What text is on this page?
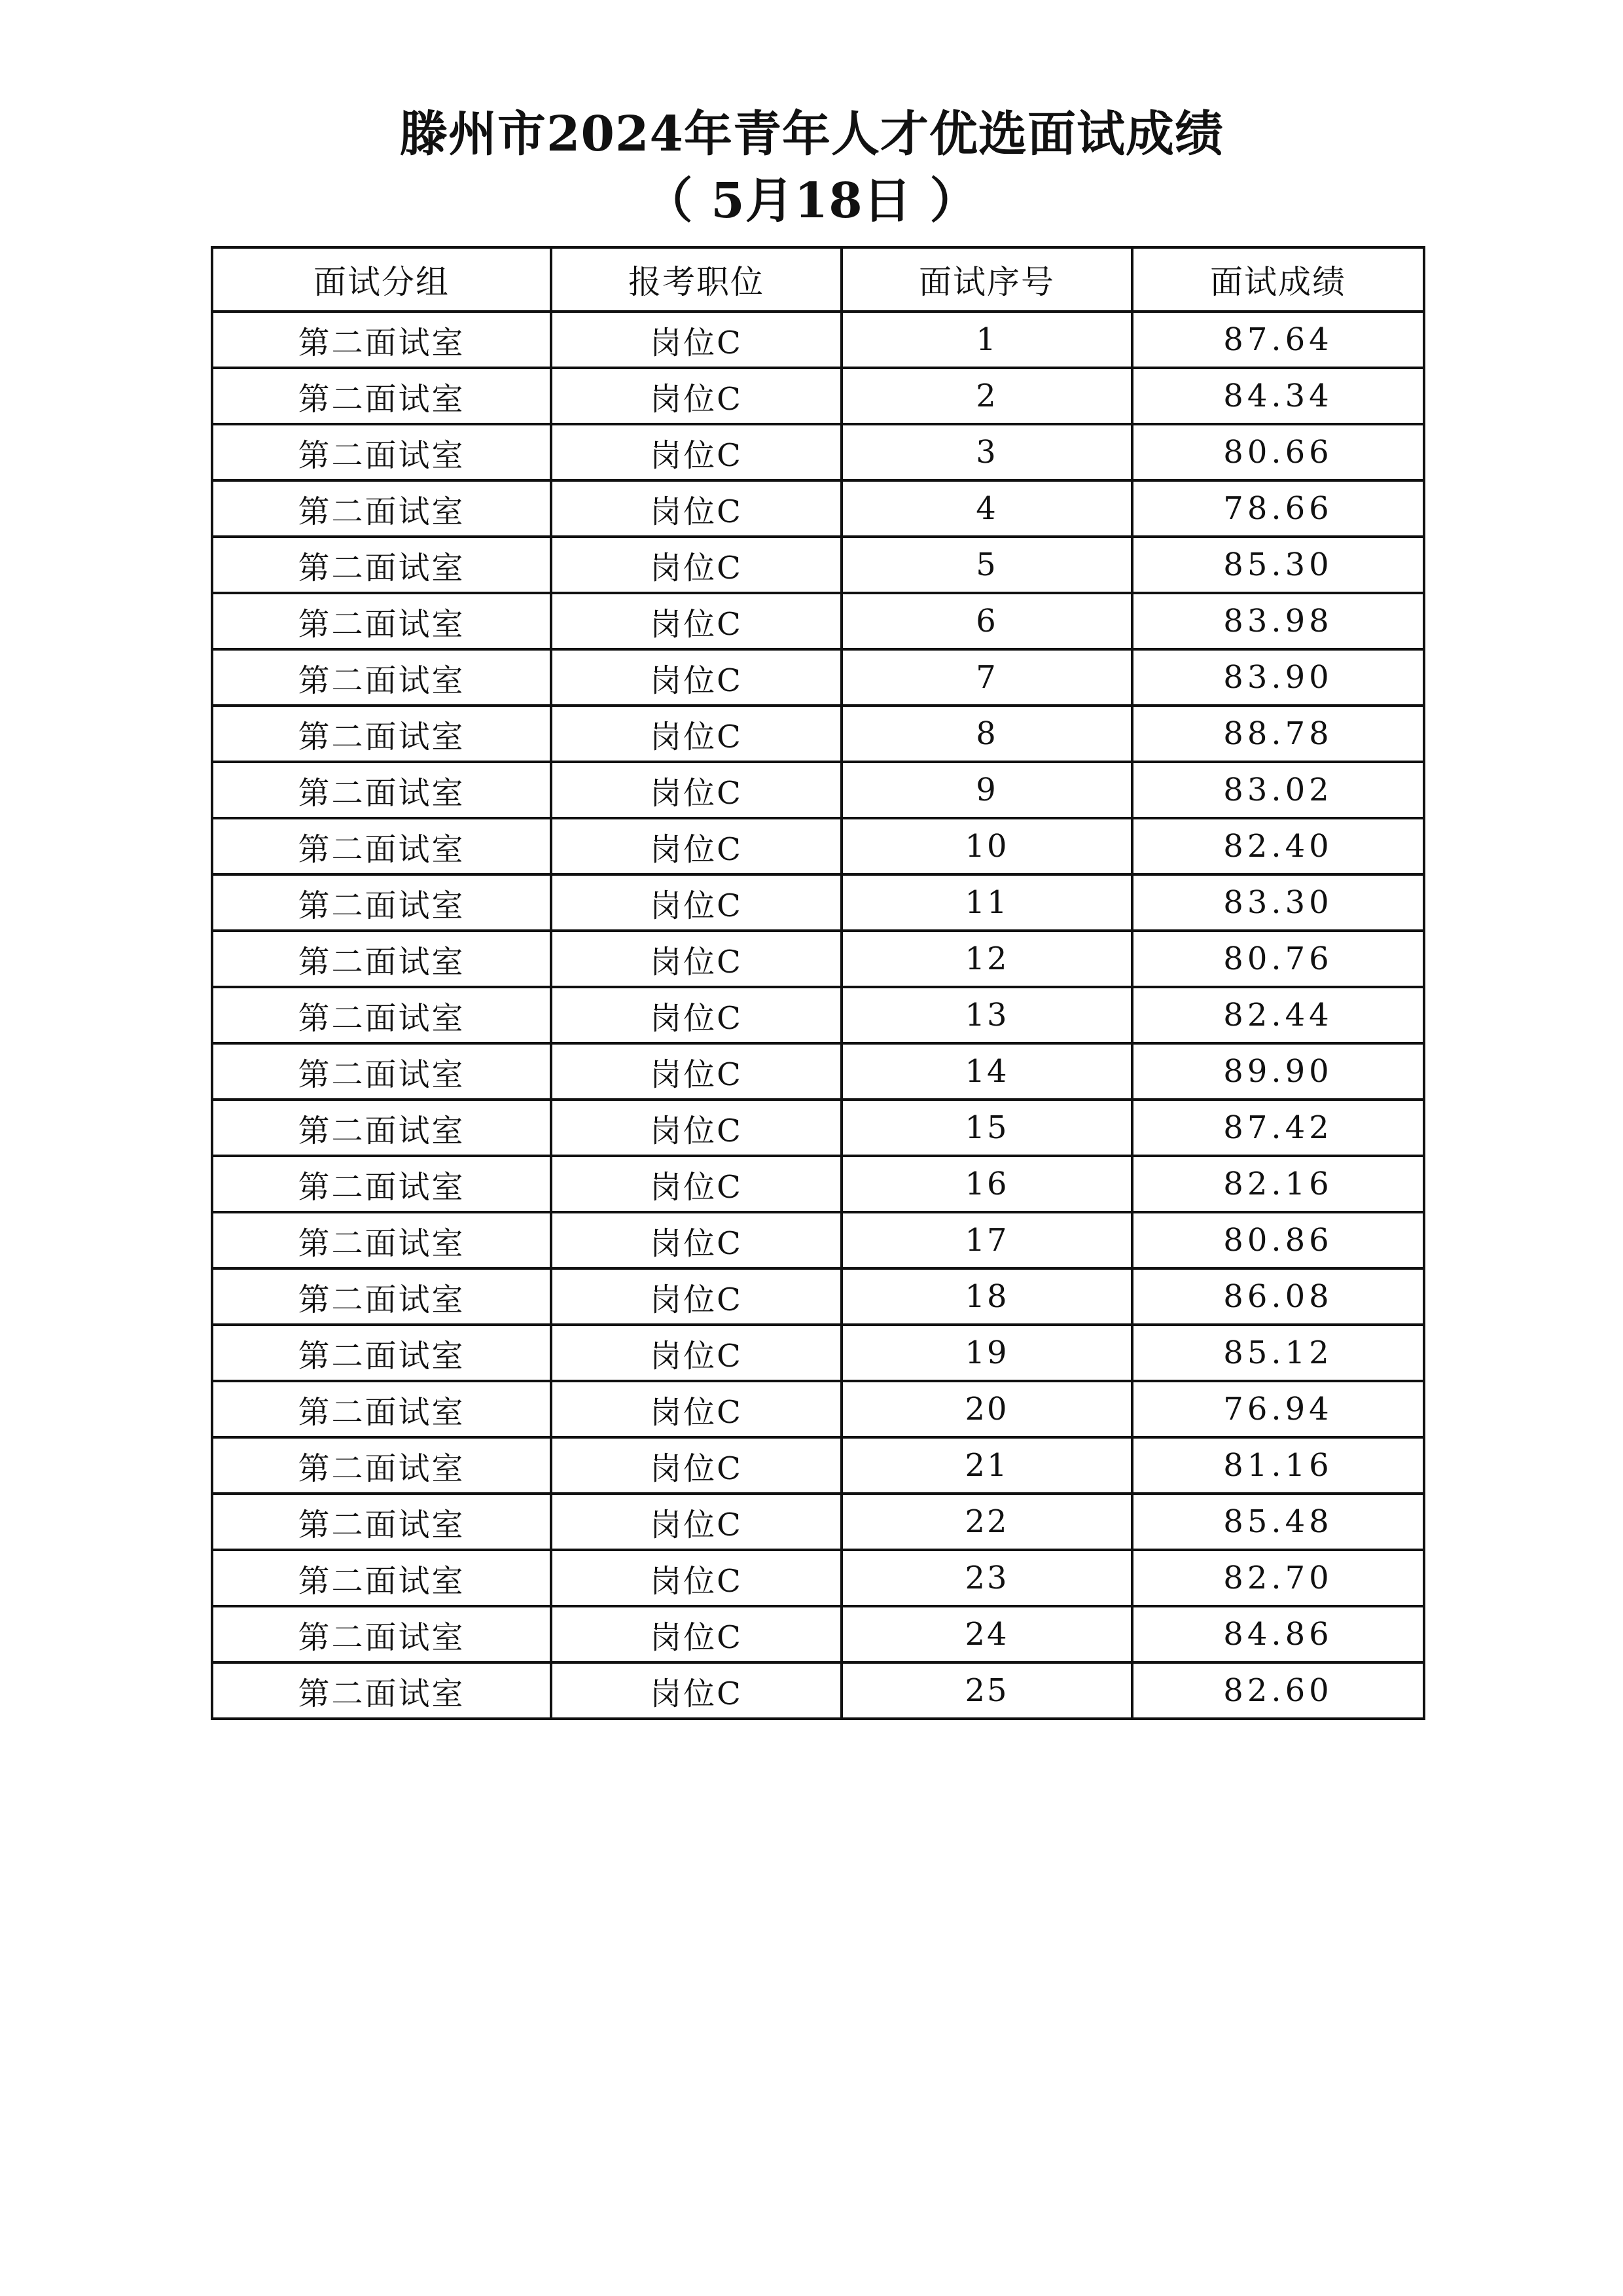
滕州市2024年青年人才优选面试成绩
（ 5月18日 ）
面试分组	报考职位	面试序号	面试成绩
第二面试室	岗位C	1	87.64
第二面试室	岗位C	2	84.34
第二面试室	岗位C	3	80.66
第二面试室	岗位C	4	78.66
第二面试室	岗位C	5	85.30
第二面试室	岗位C	6	83.98
第二面试室	岗位C	7	83.90
第二面试室	岗位C	8	88.78
第二面试室	岗位C	9	83.02
第二面试室	岗位C	10	82.40
第二面试室	岗位C	11	83.30
第二面试室	岗位C	12	80.76
第二面试室	岗位C	13	82.44
第二面试室	岗位C	14	89.90
第二面试室	岗位C	15	87.42
第二面试室	岗位C	16	82.16
第二面试室	岗位C	17	80.86
第二面试室	岗位C	18	86.08
第二面试室	岗位C	19	85.12
第二面试室	岗位C	20	76.94
第二面试室	岗位C	21	81.16
第二面试室	岗位C	22	85.48
第二面试室	岗位C	23	82.70
第二面试室	岗位C	24	84.86
第二面试室	岗位C	25	82.60
